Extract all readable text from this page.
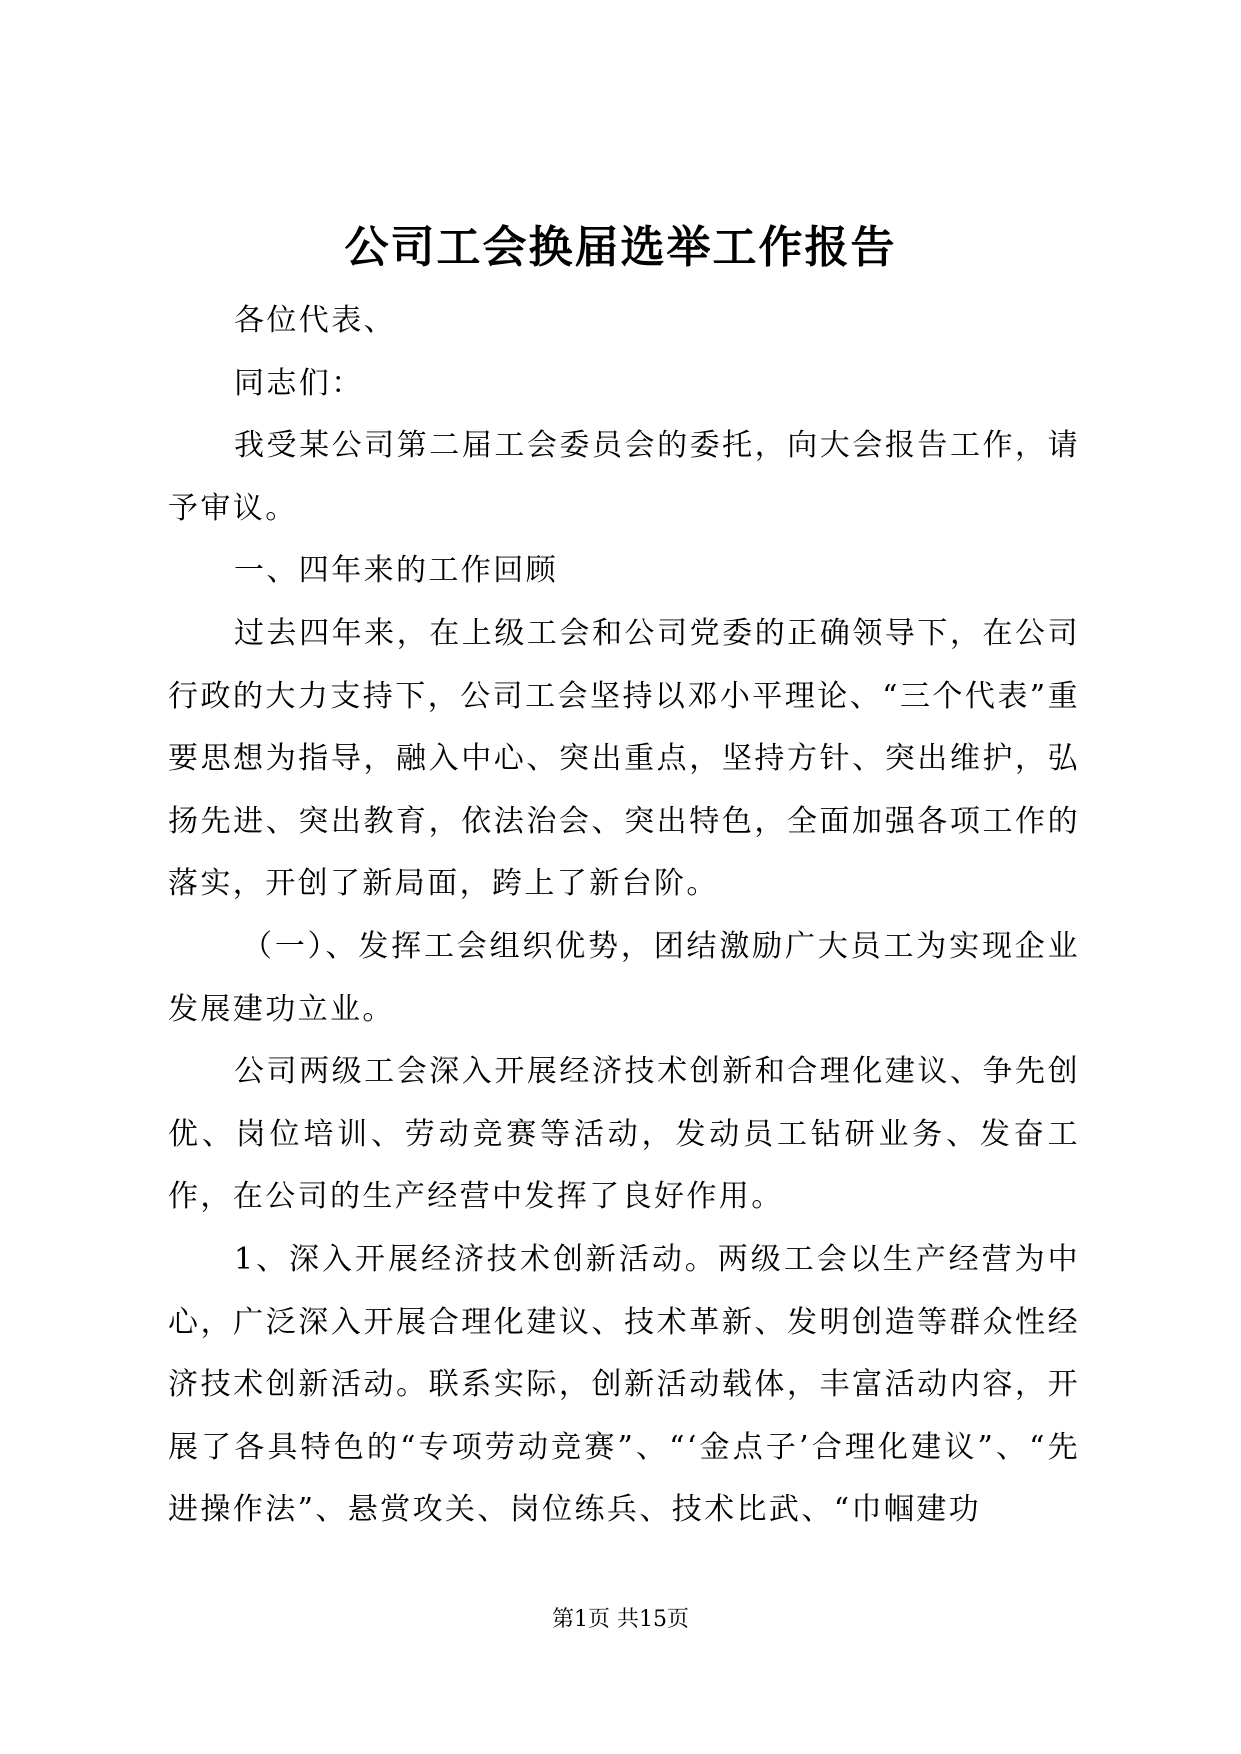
公司工会换届选举工作报告

各位代表、

同志们：

我受某公司第二届工会委员会的委托，向大会报告工作，请予审议。

一、四年来的工作回顾

过去四年来，在上级工会和公司党委的正确领导下，在公司行政的大力支持下，公司工会坚持以邓小平理论、“三个代表”重要思想为指导，融入中心、突出重点，坚持方针、突出维护，弘扬先进、突出教育，依法治会、突出特色，全面加强各项工作的落实，开创了新局面，跨上了新台阶。

（一）、发挥工会组织优势，团结激励广大员工为实现企业发展建功立业。

公司两级工会深入开展经济技术创新和合理化建议、争先创优、岗位培训、劳动竞赛等活动，发动员工钻研业务、发奋工作，在公司的生产经营中发挥了良好作用。

1、深入开展经济技术创新活动。两级工会以生产经营为中心，广泛深入开展合理化建议、技术革新、发明创造等群众性经济技术创新活动。联系实际，创新活动载体，丰富活动内容，开展了各具特色的“专项劳动竞赛”、“‘金点子’合理化建议”、“先进操作法”、悬赏攻关、岗位练兵、技术比武、“巾帼建功

第1页 共15页
